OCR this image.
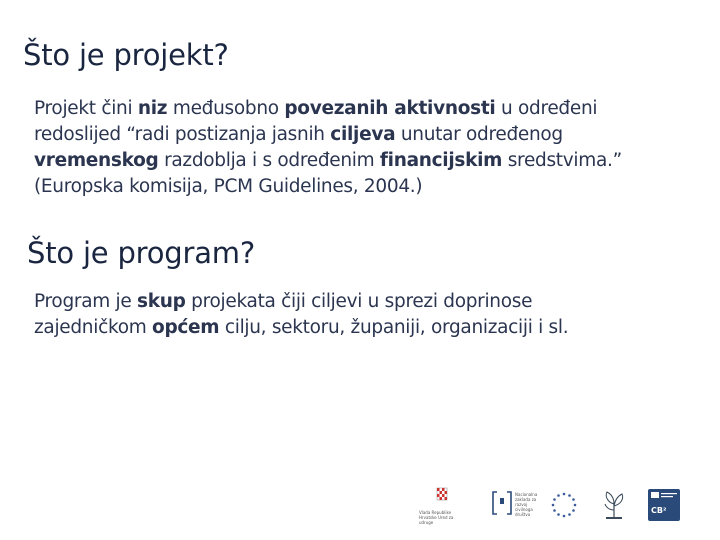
Što je projekt?
Projekt čini niz međusobno povezanih aktivnosti u određeni
redoslijed “radi postizanja jasnih ciljeva unutar određenog
vremenskog razdoblja i s određenim financijskim sredstvima.”
(Europska komisija, PCM Guidelines, 2004.)
Što je program?
Program je skup projekata čiji ciljevi u sprezi doprinose
zajedničkom općem cilju, sektoru, županiji, organizaciji i sl.
Vlada Republike Hrvatske Ured za udruge
Nacionalna zaklada za razvoj civilnoga društva	CB²
